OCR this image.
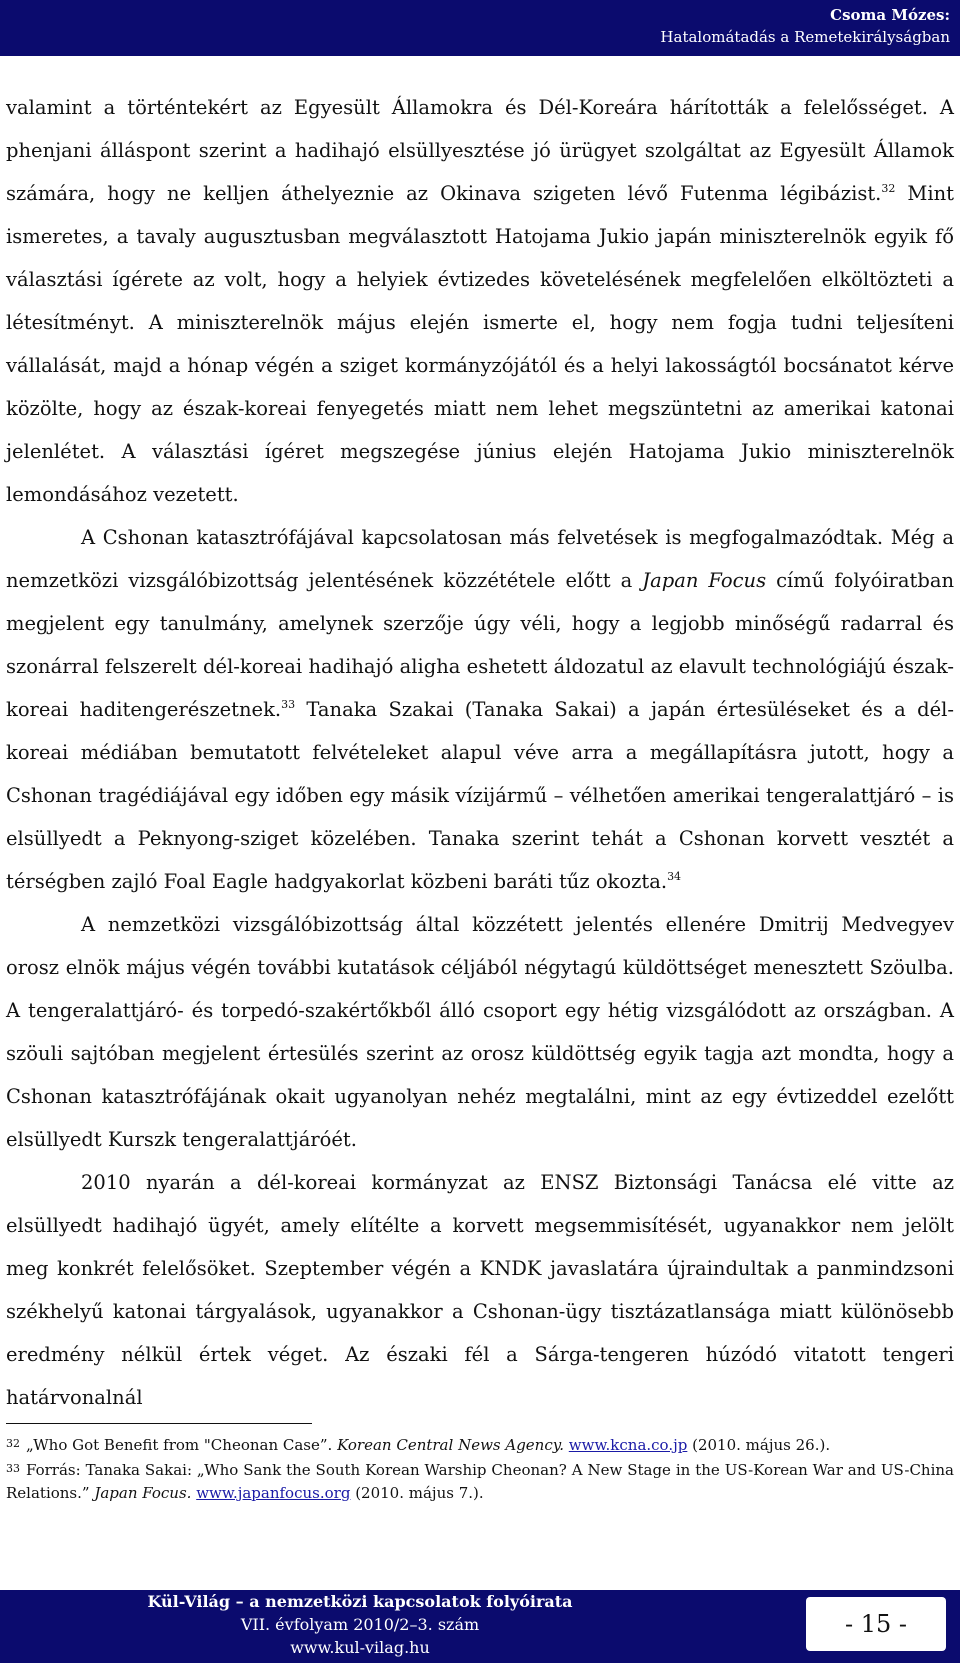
Csoma Mózes:
Hatalomátadás a Remetekirályságban

valamint a történtekért az Egyesült Államokra és Dél-Koreára hárították a felelősséget. A phenjani álláspont szerint a hadihajó elsüllyesztése jó ürügyet szolgáltat az Egyesült Államok számára, hogy ne kelljen áthelyeznie az Okinava szigeten lévő Futenma légibázist.$^{32}$ Mint ismeretes, a tavaly augusztusban megválasztott Hatojama Jukio japán miniszterelnök egyik fő választási ígérete az volt, hogy a helyiek évtizedes követelésének megfelelően elköltözteti a létesítményt. A miniszterelnök május elején ismerte el, hogy nem fogja tudni teljesíteni vállalását, majd a hónap végén a sziget kormányzójától és a helyi lakosságtól bocsánatot kérve közölte, hogy az észak-koreai fenyegetés miatt nem lehet megszüntetni az amerikai katonai jelenlétet. A választási ígéret megszegése június elején Hatojama Jukio miniszterelnök lemondásához vezetett.

A Cshonan katasztrófájával kapcsolatosan más felvetések is megfogalmazódtak. Még a nemzetközi vizsgálóbizottság jelentésének közzététele előtt a Japan Focus című folyóiratban megjelent egy tanulmány, amelynek szerzője úgy véli, hogy a legjobb minőségű radarral és szonárral felszerelt dél-koreai hadihajó aligha eshetett áldozatul az elavult technológiájú észak-koreai haditengerészetnek.$^{33}$ Tanaka Szakai (Tanaka Sakai) a japán értesüléseket és a dél-koreai médiában bemutatott felvételeket alapul véve arra a megállapításra jutott, hogy a Cshonan tragédiájával egy időben egy másik vízijármű – vélhetően amerikai tengeralattjáró – is elsüllyedt a Peknyong-sziget közelében. Tanaka szerint tehát a Cshonan korvett vesztét a térségben zajló Foal Eagle hadgyakorlat közbeni baráti tűz okozta.$^{34}$

A nemzetközi vizsgálóbizottság által közzétett jelentés ellenére Dmitrij Medvegyev orosz elnök május végén további kutatások céljából négytagú küldöttséget menesztett Szöulba. A tengeralattjáró- és torpedó-szakértőkből álló csoport egy hétig vizsgálódott az országban. A szöuli sajtóban megjelent értesülés szerint az orosz küldöttség egyik tagja azt mondta, hogy a Cshonan katasztrófájának okait ugyanolyan nehéz megtalálni, mint az egy évtizeddel ezelőtt elsüllyedt Kurszk tengeralattjáróét.

2010 nyarán a dél-koreai kormányzat az ENSZ Biztonsági Tanácsa elé vitte az elsüllyedt hadihajó ügyét, amely elítélte a korvett megsemmisítését, ugyanakkor nem jelölt meg konkrét felelősöket. Szeptember végén a KNDK javaslatára újraindultak a panmindzsoni székhelyű katonai tárgyalások, ugyanakkor a Cshonan-ügy tisztázatlansága miatt különösebb eredmény nélkül értek véget. Az északi fél a Sárga-tengeren húzódó vitatott tengeri határvonalnál

$^{32}$ „Who Got Benefit from "Cheonan Case”. Korean Central News Agency. www.kcna.co.jp (2010. május 26.).

$^{33}$ Forrás: Tanaka Sakai: „Who Sank the South Korean Warship Cheonan? A New Stage in the US-Korean War and US-China Relations.” Japan Focus. www.japanfocus.org (2010. május 7.).

Kül-Világ – a nemzetközi kapcsolatok folyóirata
VII. évfolyam 2010/2–3. szám
www.kul-vilag.hu
- 15 -
